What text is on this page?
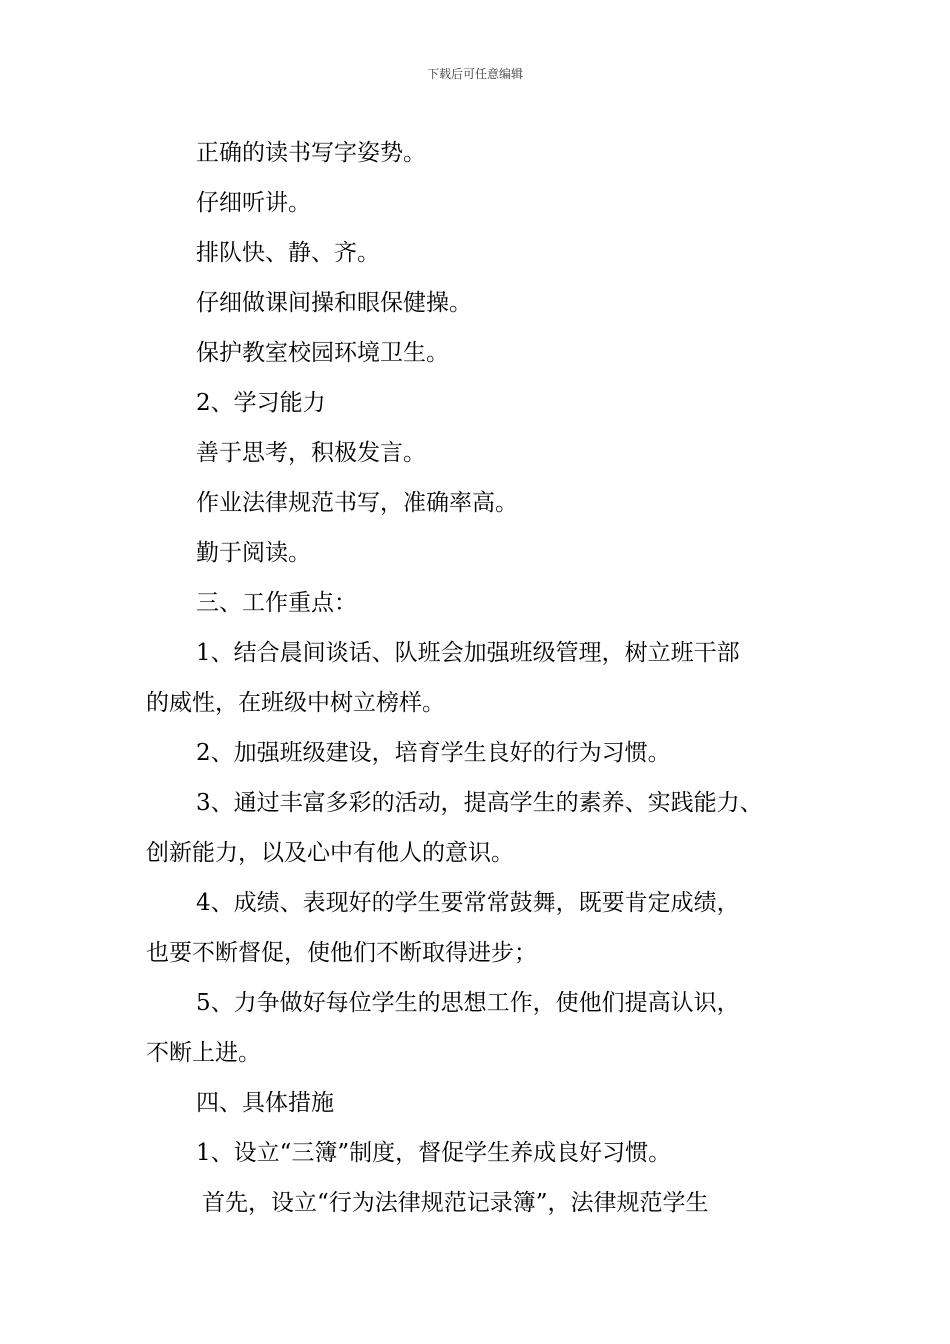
下载后可任意编辑
正确的读书写字姿势。
仔细听讲。
排队快、静、齐。
仔细做课间操和眼保健操。
保护教室校园环境卫生。
2、学习能力
善于思考，积极发言。
作业法律规范书写，准确率高。
勤于阅读。
三、工作重点：
1、结合晨间谈话、队班会加强班级管理，树立班干部
的威性，在班级中树立榜样。
2、加强班级建设，培育学生良好的行为习惯。
3、通过丰富多彩的活动，提高学生的素养、实践能力、
创新能力，以及心中有他人的意识。
4、成绩、表现好的学生要常常鼓舞，既要肯定成绩，
也要不断督促，使他们不断取得进步；
5、力争做好每位学生的思想工作，使他们提高认识，
不断上进。
四、具体措施
1、设立“三簿”制度，督促学生养成良好习惯。
首先，设立“行为法律规范记录簿”，法律规范学生
